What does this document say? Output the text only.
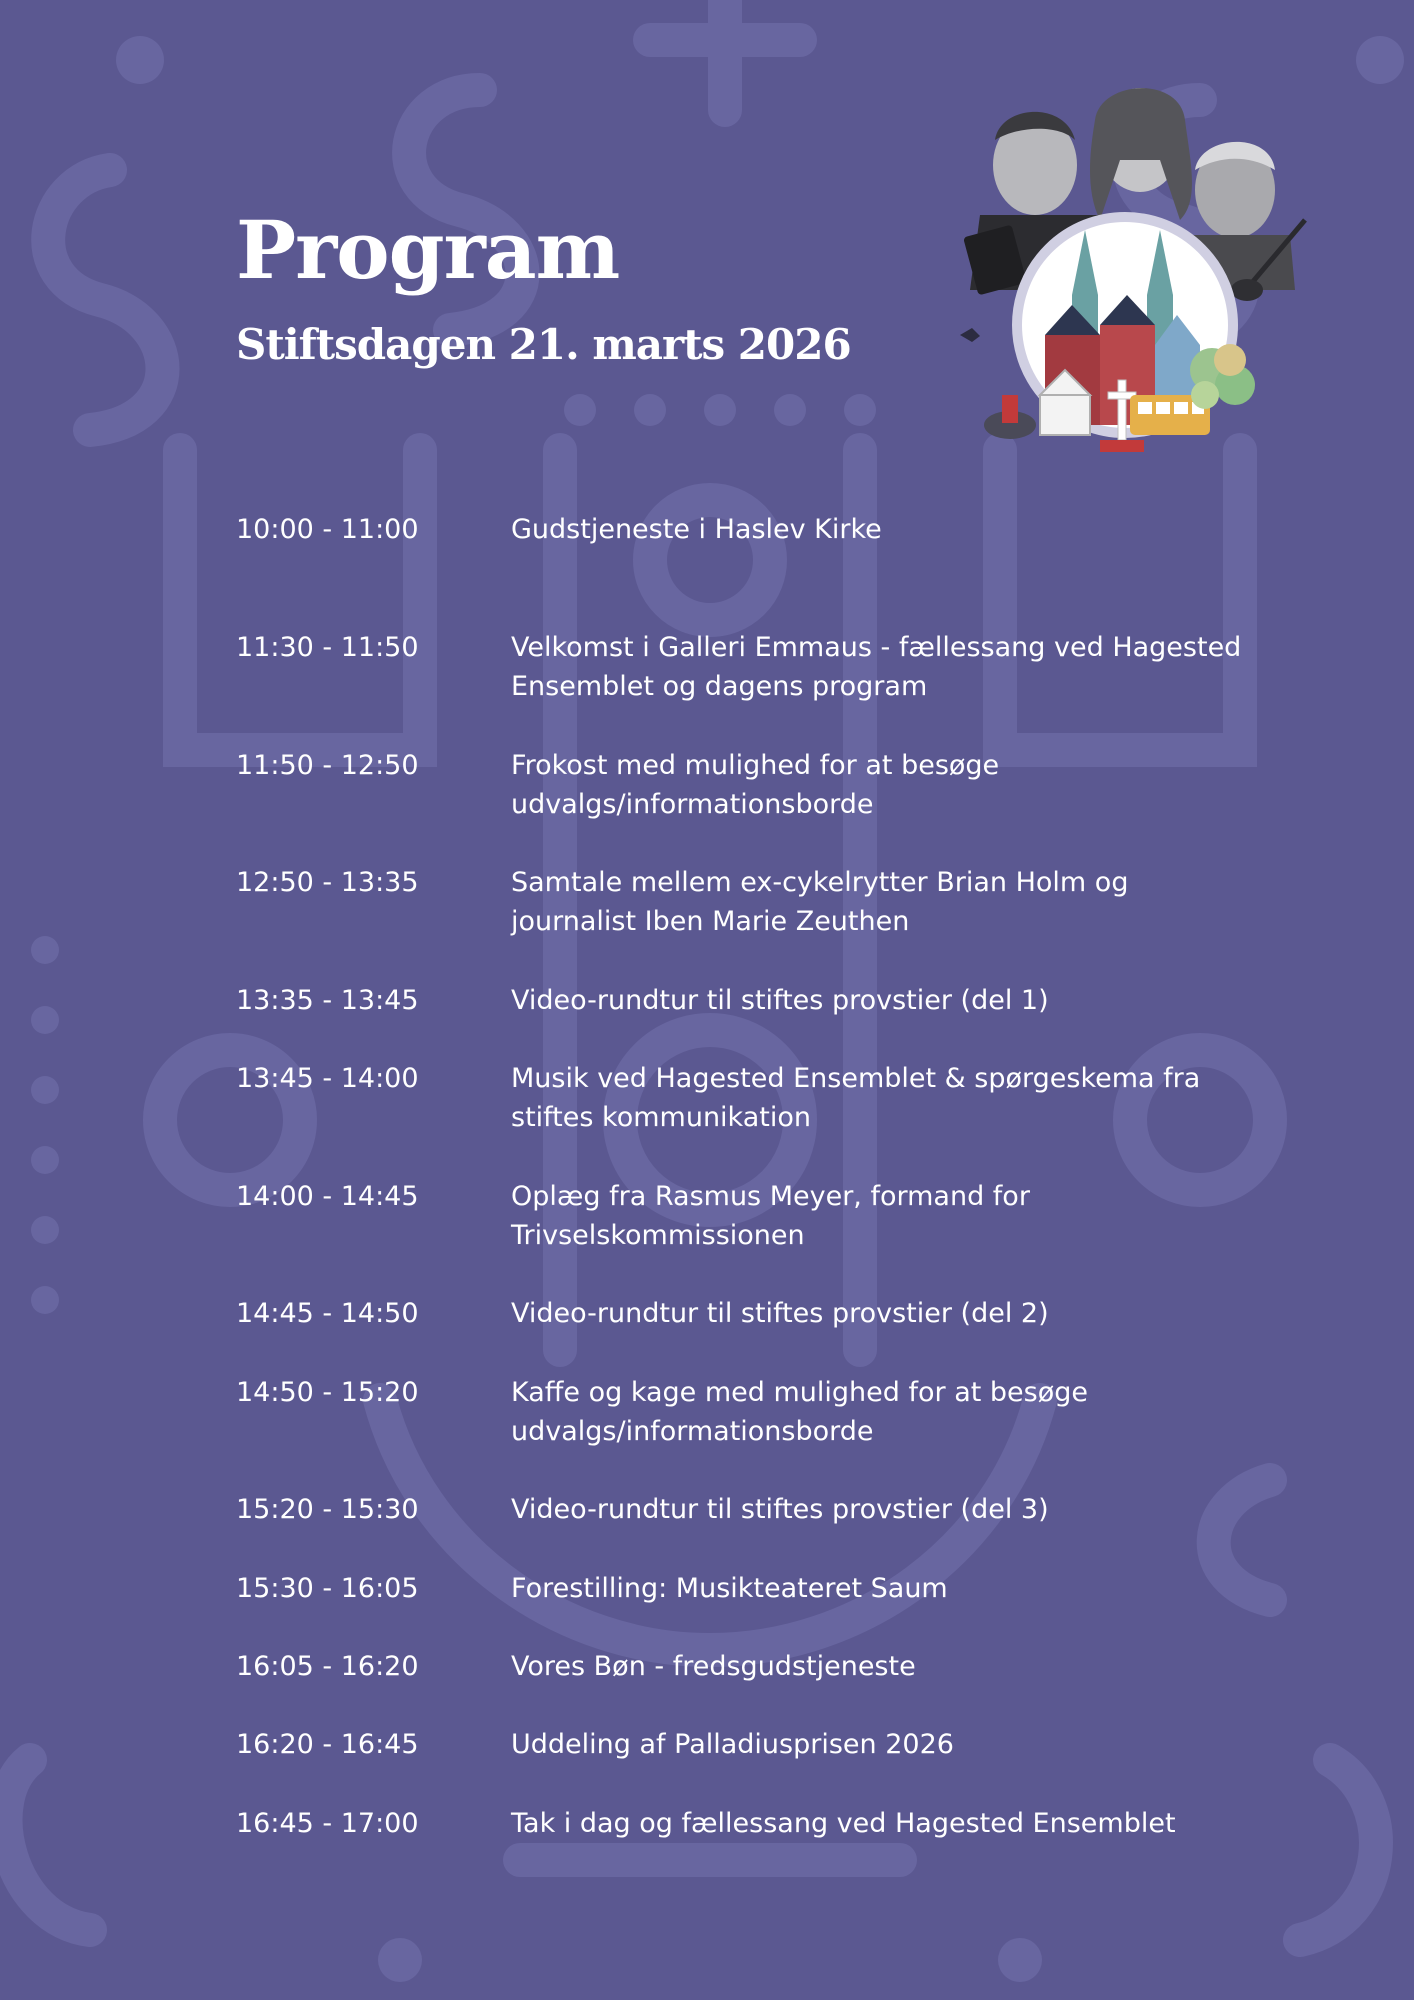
Program
Stiftsdagen 21. marts 2026
10:00 - 11:00	Gudstjeneste i Haslev Kirke
11:30 - 11:50	Velkomst i Galleri Emmaus - fællessang ved Hagested Ensemblet og dagens program
11:50 - 12:50	Frokost med mulighed for at besøge udvalgs/informationsborde
12:50 - 13:35	Samtale mellem ex-cykelrytter Brian Holm og journalist Iben Marie Zeuthen
13:35 - 13:45	Video-rundtur til stiftes provstier (del 1)
13:45 - 14:00	Musik ved Hagested Ensemblet & spørgeskema fra stiftes kommunikation
14:00 - 14:45	Oplæg fra Rasmus Meyer, formand for Trivselskommissionen
14:45 - 14:50	Video-rundtur til stiftes provstier (del 2)
14:50 - 15:20	Kaffe og kage med mulighed for at besøge udvalgs/informationsborde
15:20 - 15:30	Video-rundtur til stiftes provstier (del 3)
15:30 - 16:05	Forestilling: Musikteateret Saum
16:05 - 16:20	Vores Bøn - fredsgudstjeneste
16:20 - 16:45	Uddeling af Palladiusprisen 2026
16:45 - 17:00	Tak i dag og fællessang ved Hagested Ensemblet
